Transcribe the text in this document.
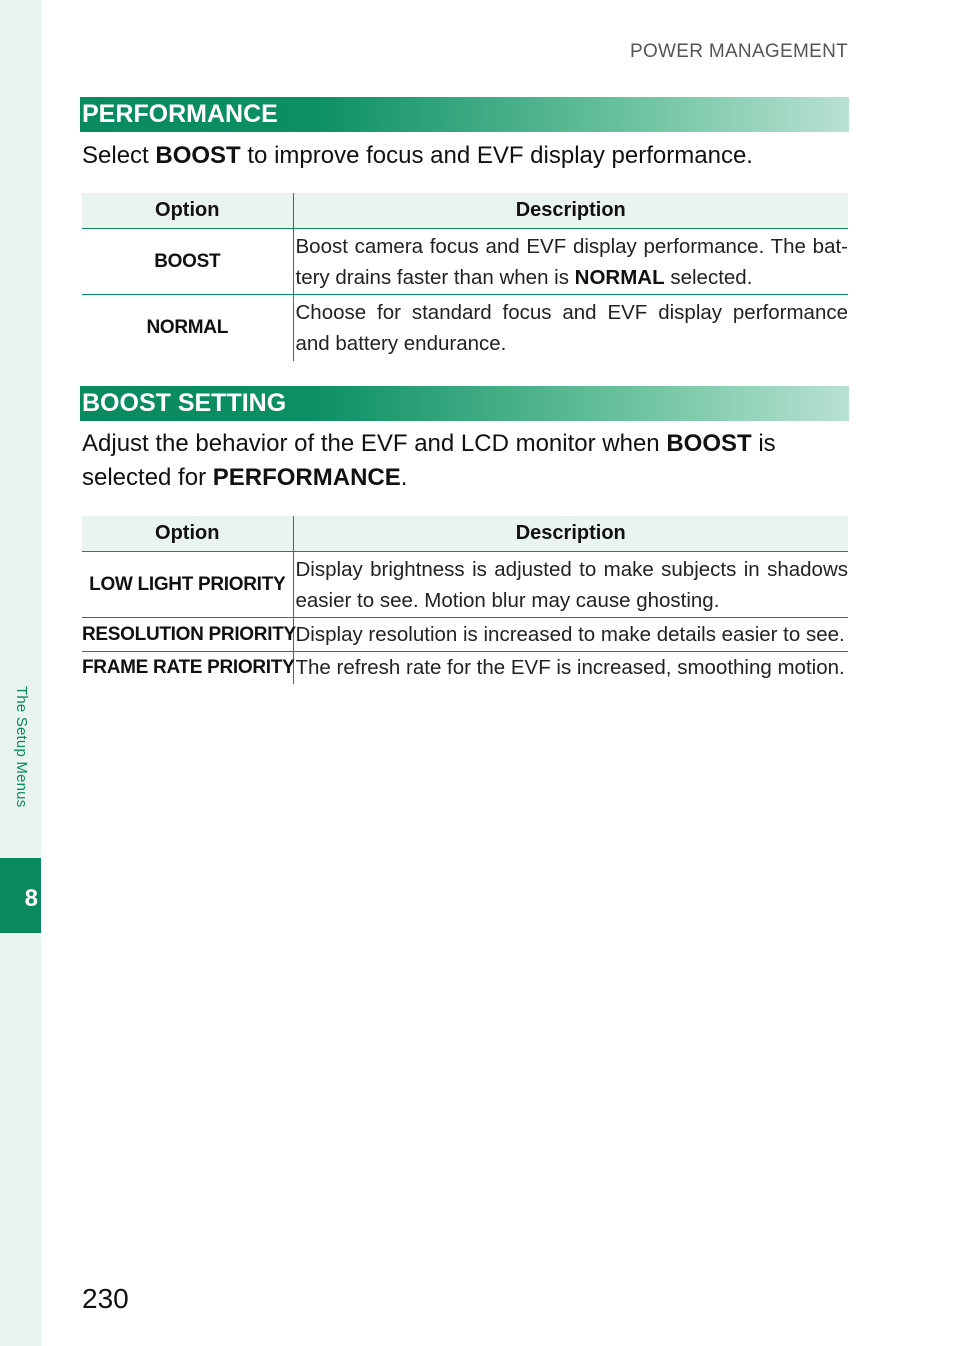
The Setup Menus
8
POWER MANAGEMENT
PERFORMANCE
Select BOOST to improve focus and EVF display performance.
Option	Description
BOOST	Boost camera focus and EVF display performance. The bat-tery drains faster than when is NORMAL selected.
NORMAL	Choose for standard focus and EVF display performance and battery endurance.
BOOST SETTING
Adjust the behavior of the EVF and LCD monitor when BOOST is selected for PERFORMANCE.
Option	Description
LOW LIGHT PRIORITY	Display brightness is adjusted to make subjects in shadows easier to see. Motion blur may cause ghosting.
RESOLUTION PRIORITY	Display resolution is increased to make details easier to see.
FRAME RATE PRIORITY	The refresh rate for the EVF is increased, smoothing motion.
230
